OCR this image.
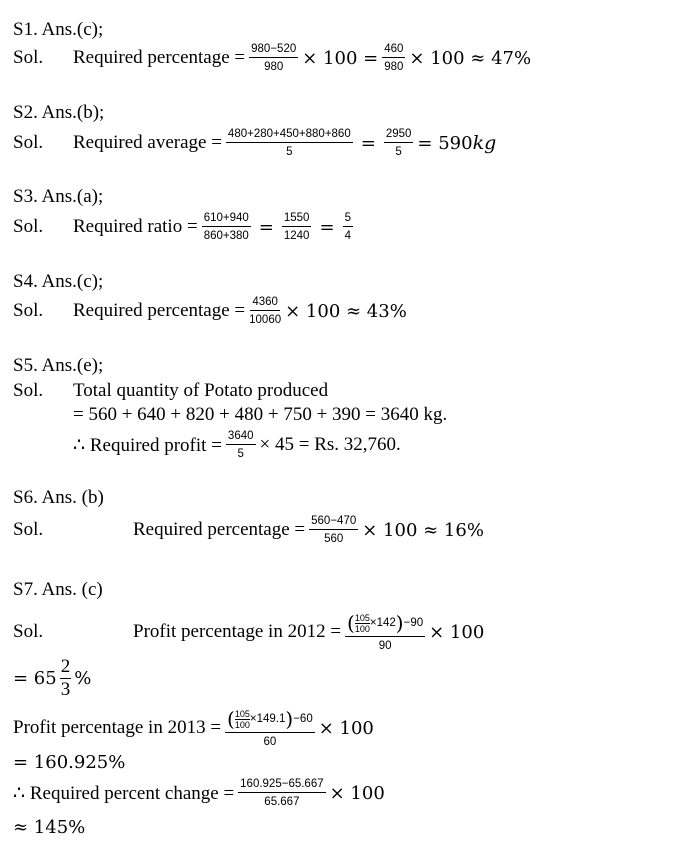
S1. Ans.(c);
Sol.	Required percentage = $\frac{980-520}{980} \times 100 = \frac{460}{980} \times 100 \approx 47\%$
S2. Ans.(b);
Sol.	Required average = $\frac{480+280+450+880+860}{5} = \frac{2950}{5} = 590$ kg
S3. Ans.(a);
Sol.	Required ratio = $\frac{610+940}{860+380} = \frac{1550}{1240} = \frac{5}{4}$
S4. Ans.(c);
Sol.	Required percentage = $\frac{4360}{10060} \times 100 \approx 43\%$
S5. Ans.(e);
Sol.	Total quantity of Potato produced
= 560 + 640 + 820 + 480 + 750 + 390 = 3640 kg.
∴ Required profit = $\frac{3640}{5} \times 45 = Rs$. 32,760.
S6. Ans. (b)
Sol.	Required percentage = $\frac{560-470}{560} \times 100 \approx 16\%$
S7. Ans. (c)
Sol.	Profit percentage in $2012 = \frac{( \frac{105}{100} \times 142 ) -90}{90} \times 100$
= $65 \frac{2}{3}$ %
Profit percentage in $2013 = \frac{( \frac{105}{100} \times 149.1 ) -60}{60} \times 100$
= 160.925%
∴ Required percent change = $\frac{160.925-65.667}{65.667} \times 100$
≈ 145%
